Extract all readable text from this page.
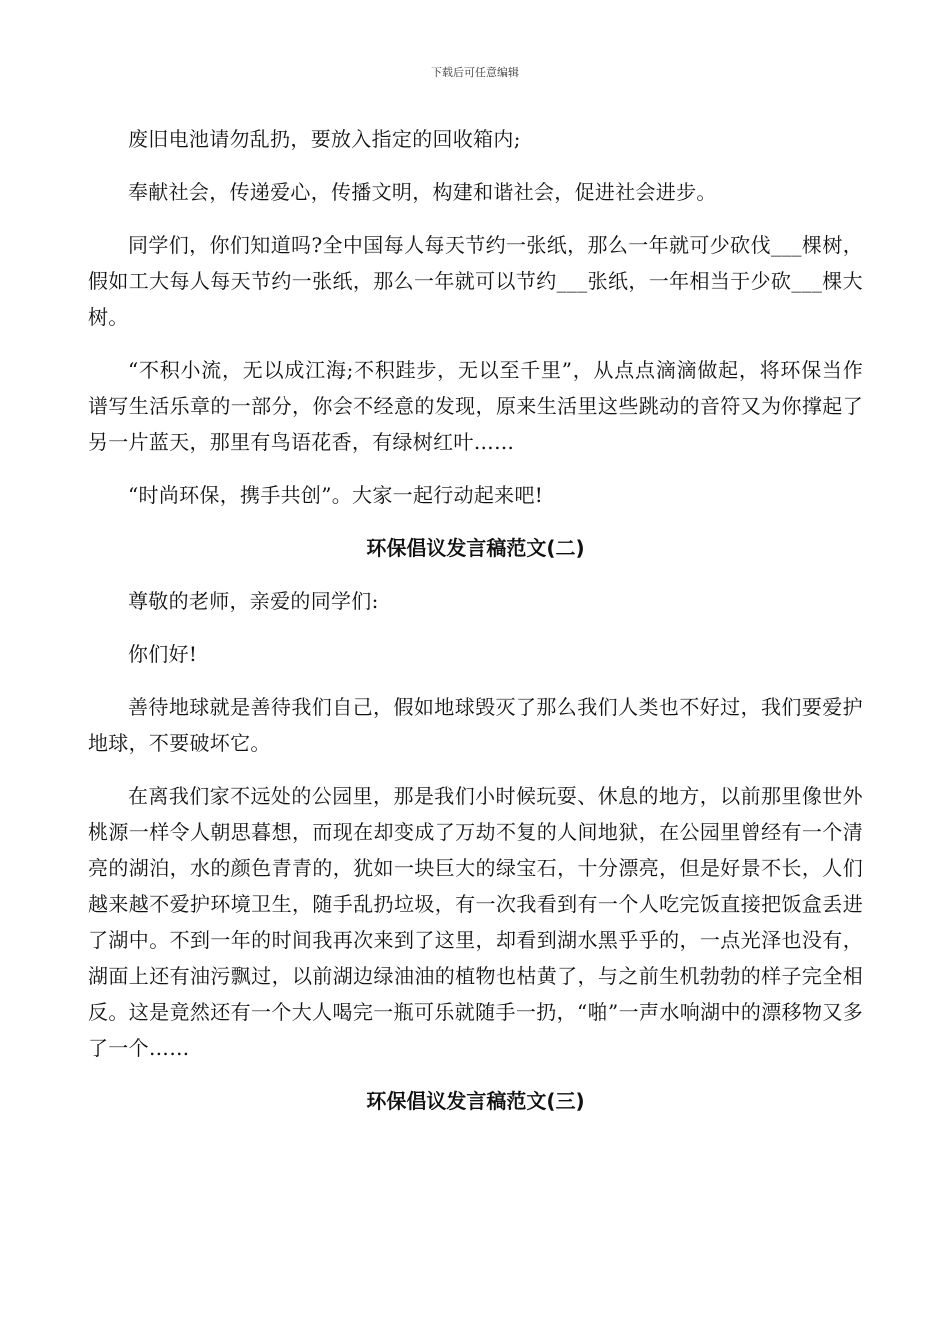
下载后可任意编辑

废旧电池请勿乱扔，要放入指定的回收箱内;

奉献社会，传递爱心，传播文明，构建和谐社会，促进社会进步。

同学们，你们知道吗?全中国每人每天节约一张纸，那么一年就可少砍伐___棵树，假如工大每人每天节约一张纸，那么一年就可以节约___张纸，一年相当于少砍___棵大树。

“不积小流，无以成江海;不积跬步，无以至千里”，从点点滴滴做起，将环保当作谱写生活乐章的一部分，你会不经意的发现，原来生活里这些跳动的音符又为你撑起了另一片蓝天，那里有鸟语花香，有绿树红叶……

“时尚环保，携手共创”。大家一起行动起来吧!

环保倡议发言稿范文(二)

尊敬的老师，亲爱的同学们:

你们好!

善待地球就是善待我们自己，假如地球毁灭了那么我们人类也不好过，我们要爱护地球，不要破坏它。

在离我们家不远处的公园里，那是我们小时候玩耍、休息的地方，以前那里像世外桃源一样令人朝思暮想，而现在却变成了万劫不复的人间地狱，在公园里曾经有一个清亮的湖泊，水的颜色青青的，犹如一块巨大的绿宝石，十分漂亮，但是好景不长，人们越来越不爱护环境卫生，随手乱扔垃圾，有一次我看到有一个人吃完饭直接把饭盒丢进了湖中。不到一年的时间我再次来到了这里，却看到湖水黑乎乎的，一点光泽也没有，湖面上还有油污飘过，以前湖边绿油油的植物也枯黄了，与之前生机勃勃的样子完全相反。这是竟然还有一个大人喝完一瓶可乐就随手一扔，“啪”一声水响湖中的漂移物又多了一个……

环保倡议发言稿范文(三)
